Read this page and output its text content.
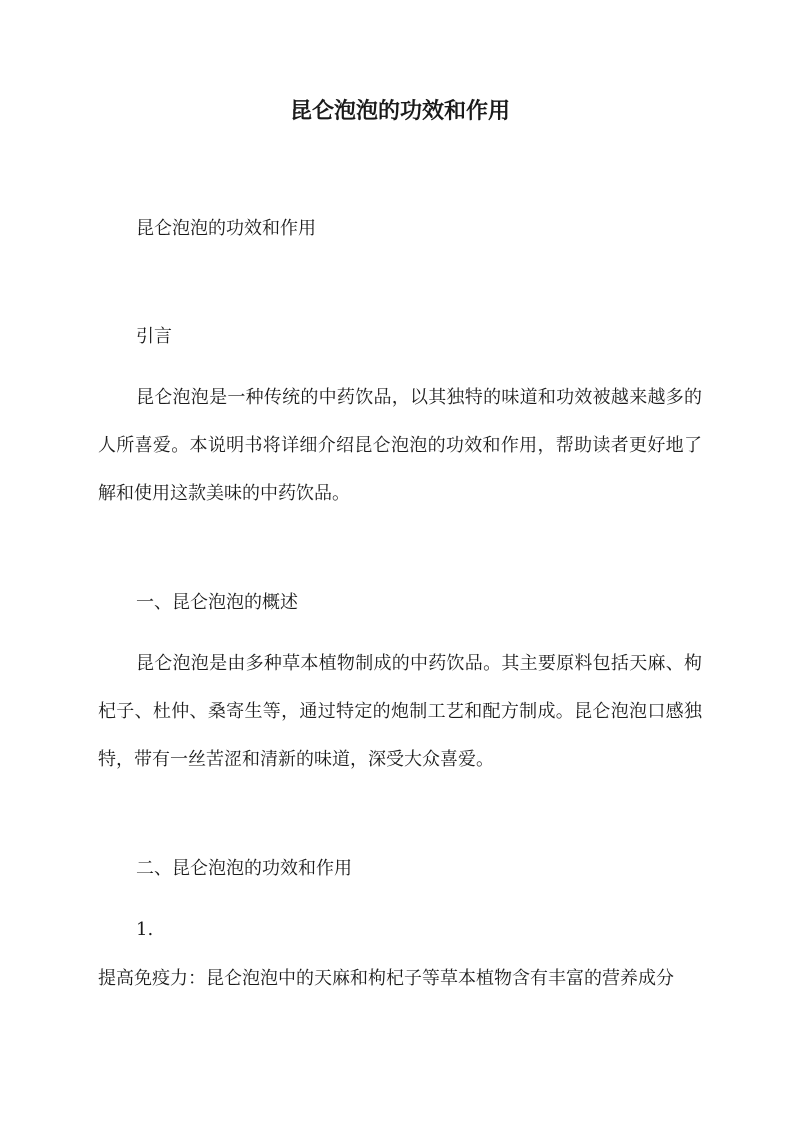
昆仑泡泡的功效和作用

昆仑泡泡的功效和作用

引言

昆仑泡泡是一种传统的中药饮品，以其独特的味道和功效被越来越多的人所喜爱。本说明书将详细介绍昆仑泡泡的功效和作用，帮助读者更好地了解和使用这款美味的中药饮品。

一、昆仑泡泡的概述

昆仑泡泡是由多种草本植物制成的中药饮品。其主要原料包括天麻、枸杞子、杜仲、桑寄生等，通过特定的炮制工艺和配方制成。昆仑泡泡口感独特，带有一丝苦涩和清新的味道，深受大众喜爱。

二、昆仑泡泡的功效和作用

1.

提高免疫力：昆仑泡泡中的天麻和枸杞子等草本植物含有丰富的营养成分
